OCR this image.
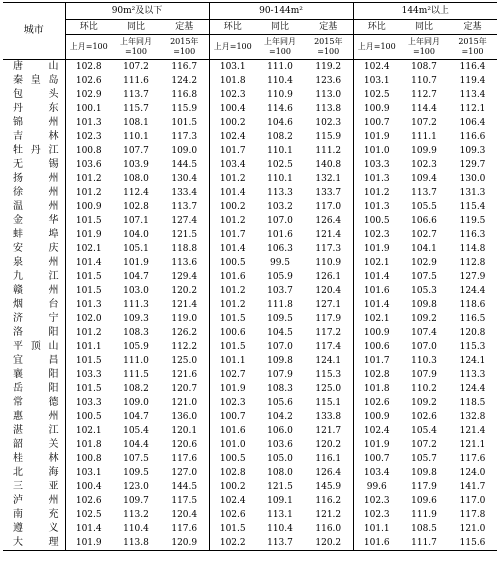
城市	90m²及以下			90-144m²			144m²以上		
	环比	同比	定基	环比	同比	定基	环比	同比	定基
	上月=100	上年同月=100	2015年=100	上月=100	上年同月=100	2015年=100	上月=100	上年同月=100	2015年=100
唐山	102.8	107.2	116.7	103.1	111.0	119.2	102.4	108.7	116.4
秦皇岛	102.6	111.6	124.2	101.8	110.4	123.6	103.1	110.7	119.4
包头	102.9	113.7	116.8	102.3	110.9	113.0	102.5	112.7	113.4
丹东	100.1	115.7	115.9	100.4	114.6	113.8	100.9	114.4	112.1
锦州	101.3	108.1	101.5	100.2	104.6	102.3	100.7	107.2	106.4
吉林	102.3	110.1	117.3	102.4	108.2	115.9	101.9	111.1	116.6
牡丹江	100.8	107.7	109.0	101.7	110.1	111.2	101.0	109.9	109.3
无锡	103.6	103.9	144.5	103.4	102.5	140.8	103.3	102.3	129.7
扬州	101.2	108.0	130.4	101.2	110.1	132.1	101.3	109.4	130.0
徐州	101.2	112.4	133.4	101.4	113.3	133.7	101.2	113.7	131.3
温州	100.9	102.8	113.7	100.2	103.2	117.0	101.3	105.5	115.4
金华	101.5	107.1	127.4	101.2	107.0	126.4	100.5	106.6	119.5
蚌埠	101.9	104.0	121.5	101.7	101.6	121.4	102.3	102.7	116.3
安庆	102.1	105.1	118.8	101.4	106.3	117.3	101.9	104.1	114.8
泉州	101.4	101.9	113.6	100.5	99.5	110.9	102.1	102.9	112.8
九江	101.5	104.7	129.4	101.6	105.9	126.1	101.4	107.5	127.9
赣州	101.5	103.0	120.2	101.2	103.7	120.4	101.6	105.3	124.4
烟台	101.3	111.3	121.4	101.2	111.8	127.1	101.4	109.8	118.6
济宁	102.0	109.3	119.0	101.5	109.5	117.9	102.1	109.2	116.5
洛阳	101.2	108.3	126.2	100.6	104.5	117.2	100.9	107.4	120.8
平顶山	101.1	105.9	112.2	101.5	107.0	117.4	100.6	107.0	115.3
宜昌	101.5	111.0	125.0	101.1	109.8	124.1	101.7	110.3	124.1
襄阳	103.3	111.5	121.6	102.7	107.9	115.3	102.8	107.9	113.3
岳阳	101.5	108.2	120.7	101.9	108.3	125.0	101.8	110.2	124.4
常德	103.3	109.0	121.0	102.3	105.6	115.1	102.6	109.2	118.5
惠州	100.5	104.7	136.0	100.7	104.2	133.8	100.9	102.6	132.8
湛江	102.1	105.4	120.1	101.6	106.0	121.7	102.4	105.4	121.4
韶关	101.8	104.4	120.6	101.0	103.6	120.2	101.9	107.2	121.1
桂林	100.8	107.5	117.6	100.5	105.0	116.1	100.7	105.7	117.6
北海	103.1	109.5	127.0	102.8	108.0	126.4	103.4	109.8	124.0
三亚	100.4	123.0	144.5	100.2	121.5	145.9	99.6	117.9	141.7
泸州	102.6	109.7	117.5	102.4	109.1	116.2	102.3	109.6	117.0
南充	102.5	113.2	120.4	102.6	113.1	121.2	102.3	111.9	117.8
遵义	101.4	110.4	117.6	101.5	110.4	116.0	101.1	108.5	121.0
大理	101.9	113.8	120.9	102.2	113.7	120.2	101.6	111.7	115.6
